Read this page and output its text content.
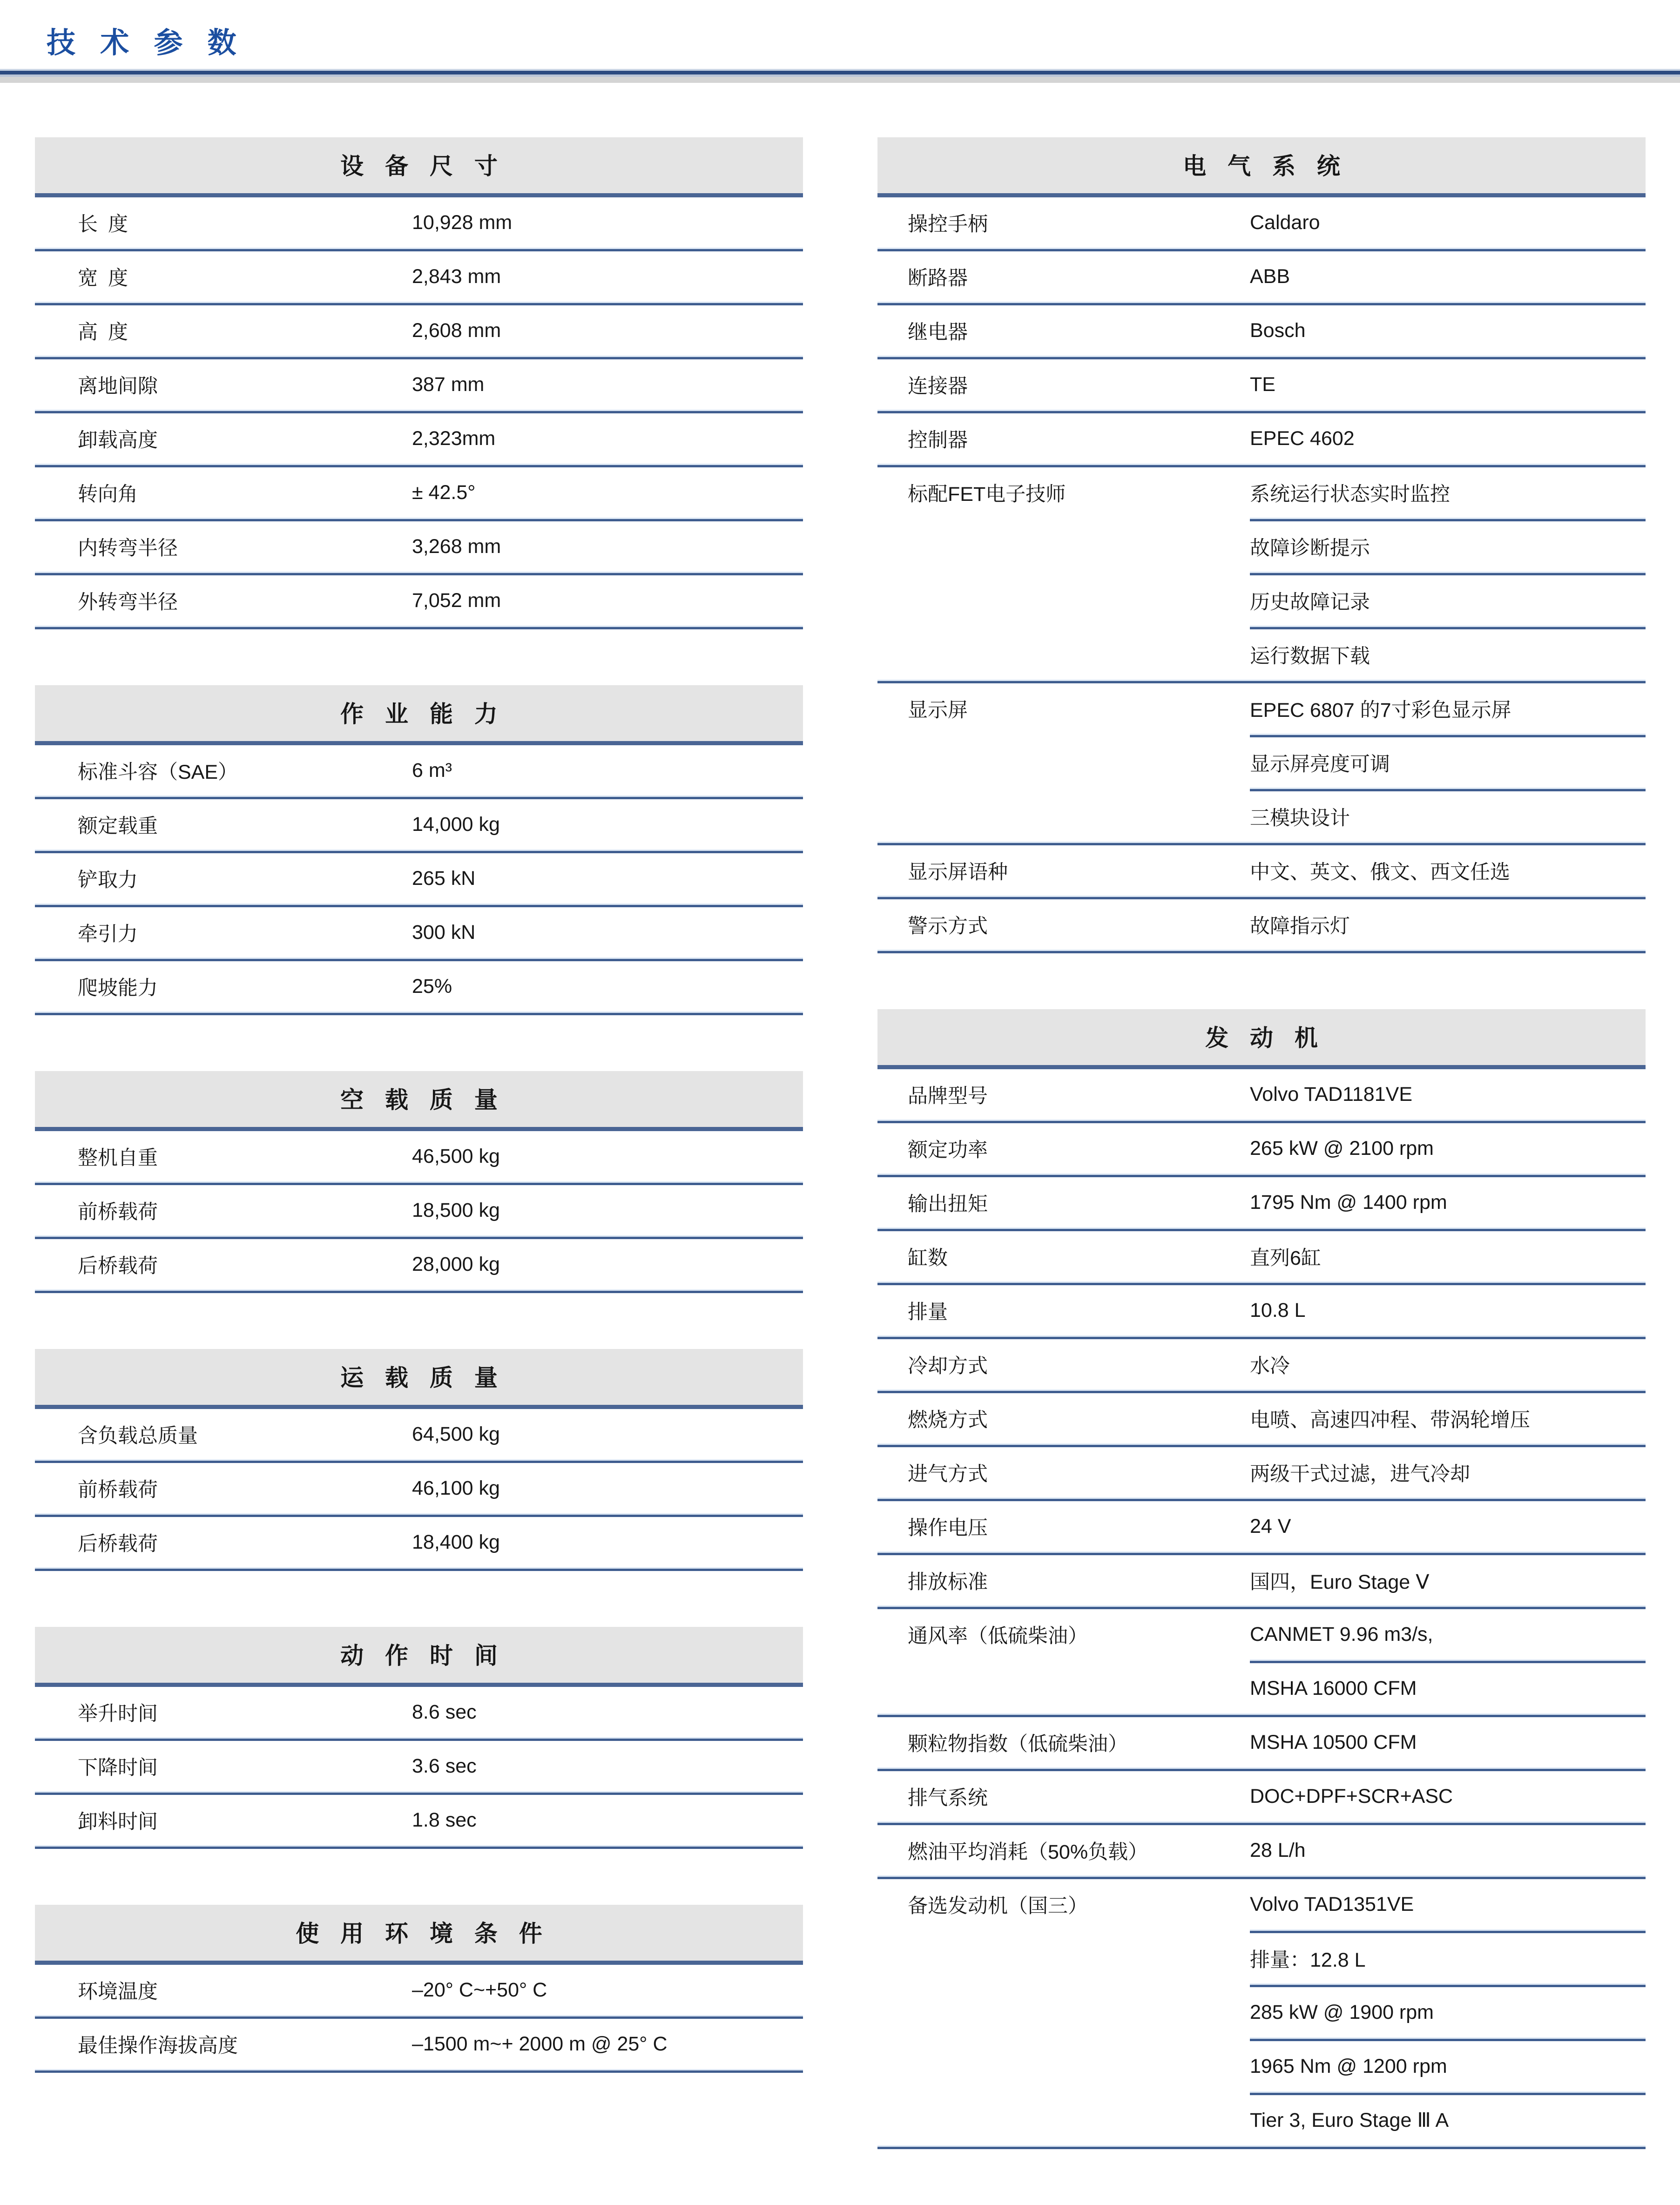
技 术 参 数
设 备 尺 寸
长度	10,928 mm
宽度	2,843 mm
高度	2,608 mm
离地间隙	387 mm
卸载高度	2,323mm
转向角	± 42.5°
内转弯半径	3,268 mm
外转弯半径	7,052 mm
作 业 能 力
标准斗容（SAE）	6 m³
额定载重	14,000 kg
铲取力	265 kN
牵引力	300 kN
爬坡能力	25%
空 载 质 量
整机自重	46,500 kg
前桥载荷	18,500 kg
后桥载荷	28,000 kg
运 载 质 量
含负载总质量	64,500 kg
前桥载荷	46,100 kg
后桥载荷	18,400 kg
动 作 时 间
举升时间	8.6 sec
下降时间	3.6 sec
卸料时间	1.8 sec
使 用 环 境 条 件
环境温度	–20° C~+50° C
最佳操作海拔高度	–1500 m~+ 2000 m @ 25° C
电 气 系 统
操控手柄	Caldaro
断路器	ABB
继电器	Bosch
连接器	TE
控制器	EPEC 4602
标配FET电子技师	系统运行状态实时监控
故障诊断提示
历史故障记录
运行数据下载
显示屏	EPEC 6807 的7寸彩色显示屏
显示屏亮度可调
三模块设计
显示屏语种	中文、英文、俄文、西文任选
警示方式	故障指示灯
发 动 机
品牌型号	Volvo TAD1181VE
额定功率	265 kW @ 2100 rpm
输出扭矩	1795 Nm @ 1400 rpm
缸数	直列6缸
排量	10.8 L
冷却方式	水冷
燃烧方式	电喷、高速四冲程、带涡轮增压
进气方式	两级干式过滤，进气冷却
操作电压	24 V
排放标准	国四，Euro Stage Ⅴ
通风率（低硫柴油）	CANMET 9.96 m3/s,
MSHA 16000 CFM
颗粒物指数（低硫柴油）	MSHA 10500 CFM
排气系统	DOC+DPF+SCR+ASC
燃油平均消耗（50%负载）	28 L/h
备选发动机（国三）	Volvo TAD1351VE
排量：12.8 L
285 kW @ 1900 rpm
1965 Nm @ 1200 rpm
Tier 3, Euro Stage Ⅲ A
